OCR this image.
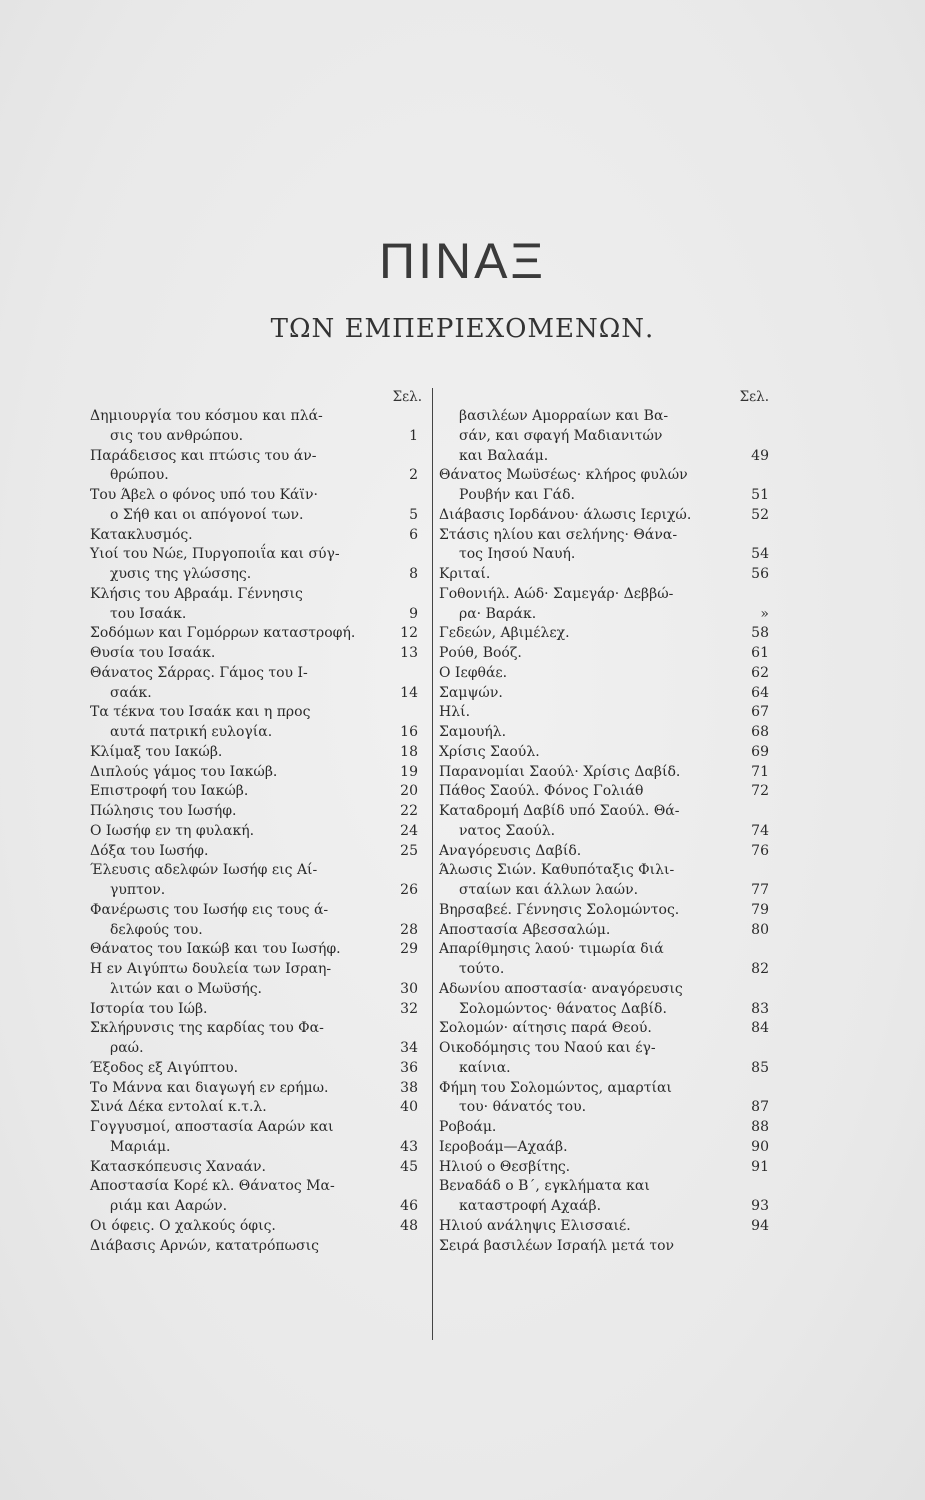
ΠΙΝΑΞ
ΤΩΝ ΕΜΠΕΡΙΕΧΟΜΕΝΩΝ.
Σελ.
Δημιουργία του κόσμου και πλά-
σις του ανθρώπου.	1
Παράδεισος και πτώσις του άν-
θρώπου.	2
Του Άβελ ο φόνος υπό του Κάϊν·
ο Σήθ και οι απόγονοί των.	5
Κατακλυσμός.	6
Υιοί του Νώε, Πυργοποιΐα και σύγ-
χυσις της γλώσσης.	8
Κλήσις του Αβραάμ. Γέννησις
του Ισαάκ.	9
Σοδόμων και Γομόρρων καταστροφή.	12
Θυσία του Ισαάκ.	13
Θάνατος Σάρρας. Γάμος του Ι-
σαάκ.	14
Τα τέκνα του Ισαάκ και η προς
αυτά πατρική ευλογία.	16
Κλίμαξ του Ιακώβ.	18
Διπλούς γάμος του Ιακώβ.	19
Επιστροφή του Ιακώβ.	20
Πώλησις του Ιωσήφ.	22
Ο Ιωσήφ εν τη φυλακή.	24
Δόξα του Ιωσήφ.	25
Έλευσις αδελφών Ιωσήφ εις Αί-
γυπτον.	26
Φανέρωσις του Ιωσήφ εις τους ά-
δελφούς του.	28
Θάνατος του Ιακώβ και του Ιωσήφ.	29
Η εν Αιγύπτω δουλεία των Ισραη-
λιτών και ο Μωϋσής.	30
Ιστορία του Ιώβ.	32
Σκλήρυνσις της καρδίας του Φα-
ραώ.	34
Έξοδος εξ Αιγύπτου.	36
Το Μάννα και διαγωγή εν ερήμω.	38
Σινά Δέκα εντολαί κ.τ.λ.	40
Γογγυσμοί, αποστασία Ααρών και
Μαριάμ.	43
Κατασκόπευσις Χαναάν.	45
Αποστασία Κορέ κλ. Θάνατος Μα-
ριάμ και Ααρών.	46
Οι όφεις. Ο χαλκούς όφις.	48
Διάβασις Αρνών, κατατρόπωσις
Σελ.
βασιλέων Αμορραίων και Βα-
σάν, και σφαγή Μαδιανιτών
και Βαλαάμ.	49
Θάνατος Μωϋσέως· κλήρος φυλών
Ρουβήν και Γάδ.	51
Διάβασις Ιορδάνου· άλωσις Ιεριχώ.	52
Στάσις ηλίου και σελήνης· Θάνα-
τος Ιησού Ναυή.	54
Κριταί.	56
Γοθονιήλ. Αώδ· Σαμεγάρ· Δεββώ-
ρα· Βαράκ.	»
Γεδεών, Αβιμέλεχ.	58
Ρούθ, Βοόζ.	61
Ο Ιεφθάε.	62
Σαμψών.	64
Ηλί.	67
Σαμουήλ.	68
Χρίσις Σαούλ.	69
Παρανομίαι Σαούλ· Χρίσις Δαβίδ.	71
Πάθος Σαούλ. Φόνος Γολιάθ	72
Καταδρομή Δαβίδ υπό Σαούλ. Θά-
νατος Σαούλ.	74
Αναγόρευσις Δαβίδ.	76
Άλωσις Σιών. Καθυπόταξις Φιλι-
σταίων και άλλων λαών.	77
Βηρσαβεέ. Γέννησις Σολομώντος.	79
Αποστασία Αβεσσαλώμ.	80
Απαρίθμησις λαού· τιμωρία διά
τούτο.	82
Αδωνίου αποστασία· αναγόρευσις
Σολομώντος· θάνατος Δαβίδ.	83
Σολομών· αίτησις παρά Θεού.	84
Οικοδόμησις του Ναού και έγ-
καίνια.	85
Φήμη του Σολομώντος, αμαρτίαι
του· θάνατός του.	87
Ροβοάμ.	88
Ιεροβοάμ—Αχαάβ.	90
Ηλιού ο Θεσβίτης.	91
Βεναδάδ ο Β΄, εγκλήματα και
καταστροφή Αχαάβ.	93
Ηλιού ανάληψις Ελισσαιέ.	94
Σειρά βασιλέων Ισραήλ μετά τον
